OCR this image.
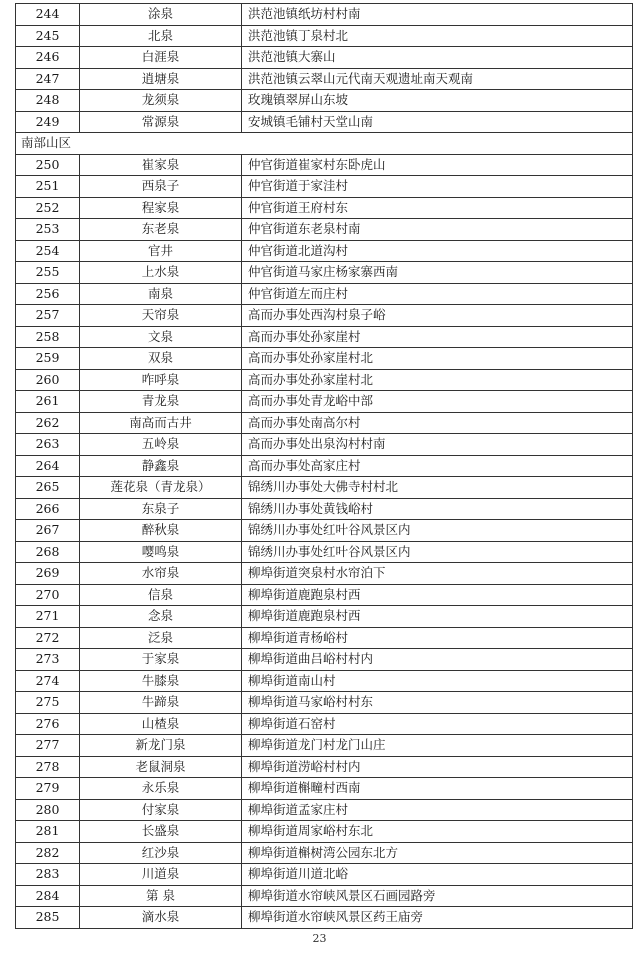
244	涂泉	洪范池镇纸坊村村南
245	北泉	洪范池镇丁泉村北
246	白涯泉	洪范池镇大寨山
247	逍塘泉	洪范池镇云翠山元代南天观遗址南天观南
248	龙须泉	玫瑰镇翠屏山东坡
249	常源泉	安城镇毛铺村天堂山南
南部山区		
250	崔家泉	仲官街道崔家村东卧虎山
251	西泉子	仲官街道于家洼村
252	程家泉	仲官街道王府村东
253	东老泉	仲官街道东老泉村南
254	官井	仲官街道北道沟村
255	上水泉	仲官街道马家庄杨家寨西南
256	南泉	仲官街道左而庄村
257	天帘泉	高而办事处西沟村泉子峪
258	文泉	高而办事处孙家崖村
259	双泉	高而办事处孙家崖村北
260	咋呼泉	高而办事处孙家崖村北
261	青龙泉	高而办事处青龙峪中部
262	南高而古井	高而办事处南高尔村
263	五岭泉	高而办事处出泉沟村村南
264	静鑫泉	高而办事处高家庄村
265	莲花泉（青龙泉）	锦绣川办事处大佛寺村村北
266	东泉子	锦绣川办事处黄钱峪村
267	醉秋泉	锦绣川办事处红叶谷风景区内
268	嘤鸣泉	锦绣川办事处红叶谷风景区内
269	水帘泉	柳埠街道突泉村水帘泊下
270	信泉	柳埠街道鹿跑泉村西
271	念泉	柳埠街道鹿跑泉村西
272	泛泉	柳埠街道青杨峪村
273	于家泉	柳埠街道曲吕峪村村内
274	牛膝泉	柳埠街道南山村
275	牛蹄泉	柳埠街道马家峪村村东
276	山楂泉	柳埠街道石窑村
277	新龙门泉	柳埠街道龙门村龙门山庄
278	老鼠洞泉	柳埠街道涝峪村村内
279	永乐泉	柳埠街道槲疃村西南
280	付家泉	柳埠街道孟家庄村
281	长盛泉	柳埠街道周家峪村东北
282	红沙泉	柳埠街道槲树湾公园东北方
283	川道泉	柳埠街道川道北峪
284	第 泉	柳埠街道水帘峡风景区石画园路旁
285	滴水泉	柳埠街道水帘峡风景区药王庙旁
23
